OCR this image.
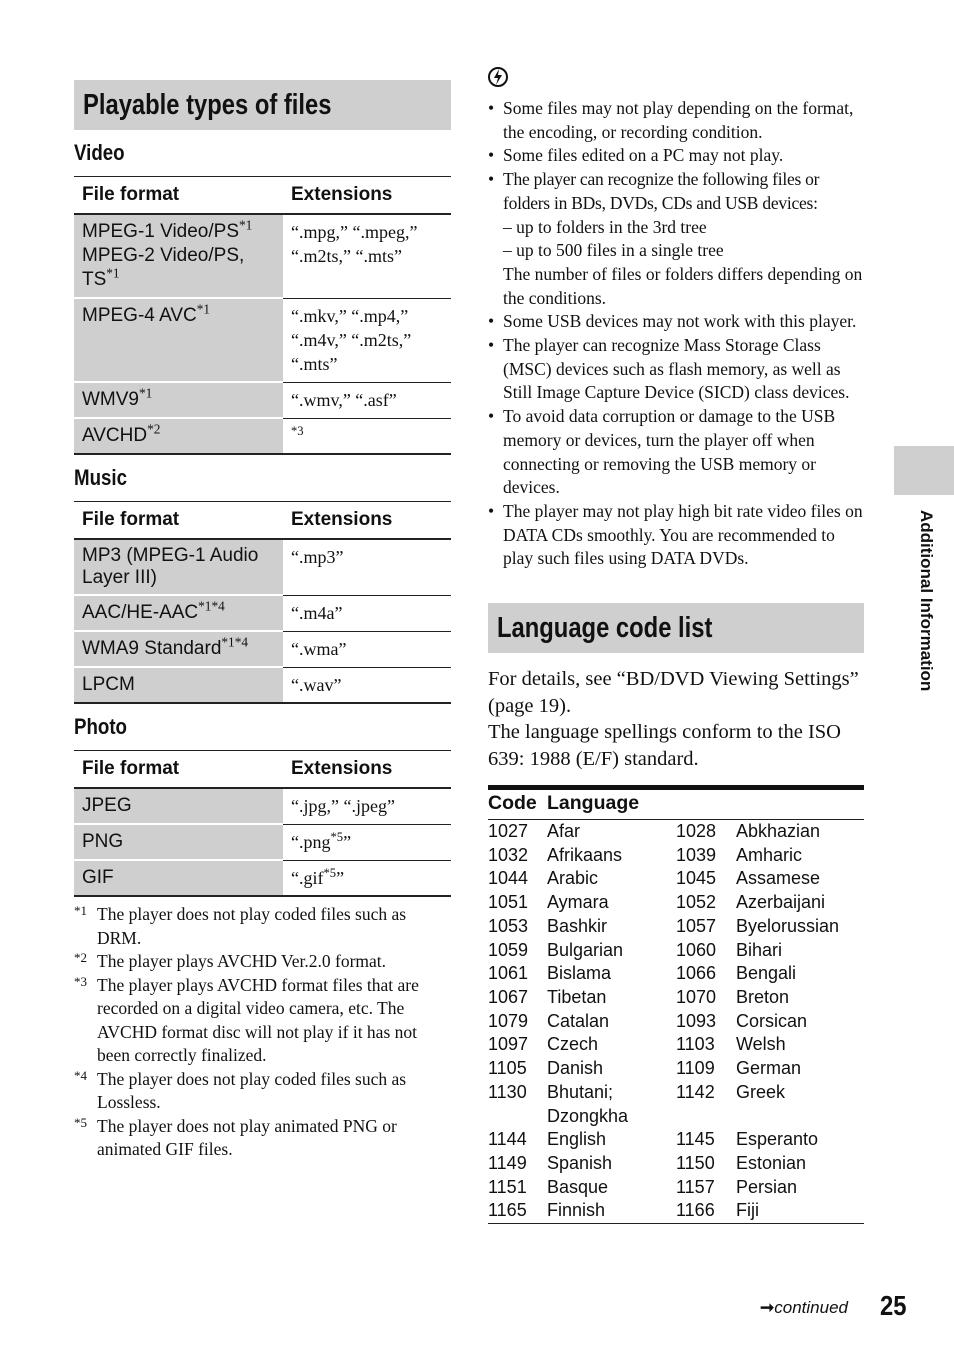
Playable types of files
Video
File format	Extensions
MPEG-1 Video/PS$^{*1}$
MPEG-2 Video/PS,
TS$^{*1}$	“.mpg,” “.mpeg,” “.m2ts,” “.mts”
MPEG-4 AVC$^{*1}$	“.mkv,” “.mp4,” “.m4v,” “.m2ts,” “.mts”
WMV9$^{*1}$	“.wmv,” “.asf”
AVCHD$^{*2}$	$^{*3}$
Music
File format	Extensions
MP3 (MPEG-1 Audio Layer III)	“.mp3”
AAC/$HE-AAC^{*1*4}$	“.m4a”
WMA9 Standard$^{*1*4}$	“.wma”
LPCM	“.wav”
Photo
File format	Extensions
JPEG	“.jpg,” “.jpeg”
PNG	“.png$^{*5}$”
GIF	“.gif$^{*5}$”
*1 The player does not play coded files such as DRM.
*2 The player plays AVCHD Ver.2.0 format.
*3 The player plays AVCHD format files that are recorded on a digital video camera, etc. The AVCHD format disc will not play if it has not been correctly finalized.
*4 The player does not play coded files such as Lossless.
*5 The player does not play animated PNG or animated GIF files.
• Some files may not play depending on the format, the encoding, or recording condition.
• Some files edited on a PC may not play.
• The player can recognize the following files or folders in BDs, DVDs, CDs and USB devices:
– up to folders in the 3rd tree
– up to 500 files in a single tree
The number of files or folders differs depending on the conditions.
• Some USB devices may not work with this player.
• The player can recognize Mass Storage Class (MSC) devices such as flash memory, as well as Still Image Capture Device (SICD) class devices.
• To avoid data corruption or damage to the USB memory or devices, turn the player off when connecting or removing the USB memory or devices.
• The player may not play high bit rate video files on DATA CDs smoothly. You are recommended to play such files using DATA DVDs.
Language code list
For details, see “BD/DVD Viewing Settings” (page 19).
The language spellings conform to the ISO 639: 1988 (E/F) standard.
Code	Language		
1027	Afar	1028	Abkhazian
1032	Afrikaans	1039	Amharic
1044	Arabic	1045	Assamese
1051	Aymara	1052	Azerbaijani
1053	Bashkir	1057	Byelorussian
1059	Bulgarian	1060	Bihari
1061	Bislama	1066	Bengali
1067	Tibetan	1070	Breton
1079	Catalan	1093	Corsican
1097	Czech	1103	Welsh
1105	Danish	1109	German
1130	Bhutani;
Dzongkha	1142	Greek
1144	English	1145	Esperanto
1149	Spanish	1150	Estonian
1151	Basque	1157	Persian
1165	Finnish	1166	Fiji
Additional Information
➞continued 25
